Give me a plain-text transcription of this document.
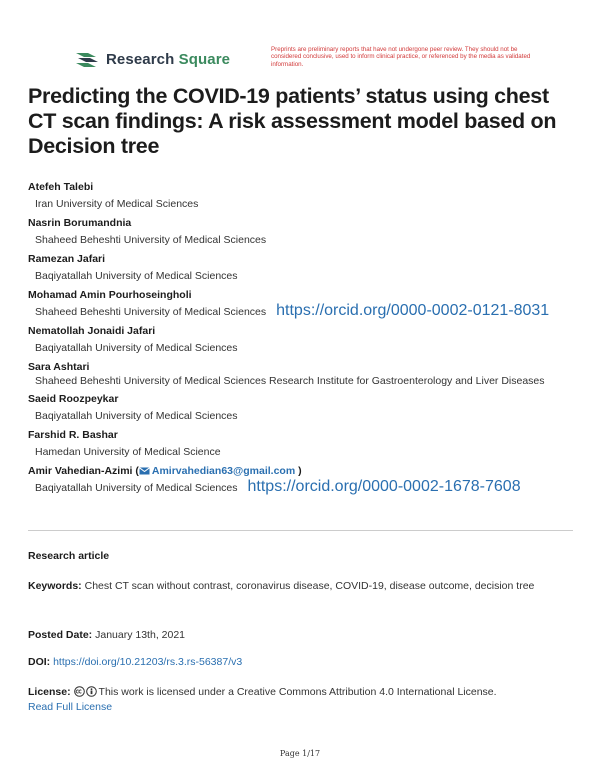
Research Square
Preprints are preliminary reports that have not undergone peer review. They should not be considered conclusive, used to inform clinical practice, or referenced by the media as validated information.
Predicting the COVID-19 patients’ status using chest CT scan findings: A risk assessment model based on Decision tree
Atefeh Talebi
Iran University of Medical Sciences
Nasrin Borumandnia
Shaheed Beheshti University of Medical Sciences
Ramezan Jafari
Baqiyatallah University of Medical Sciences
Mohamad Amin Pourhoseingholi
Shaheed Beheshti University of Medical Sciences https://orcid.org/0000-0002-0121-8031
Nematollah Jonaidi Jafari
Baqiyatallah University of Medical Sciences
Sara Ashtari
Shaheed Beheshti University of Medical Sciences Research Institute for Gastroenterology and Liver Diseases
Saeid Roozpeykar
Baqiyatallah University of Medical Sciences
Farshid R. Bashar
Hamedan University of Medical Science
Amir Vahedian-Azimi ( Amirvahedian63@gmail.com )
Baqiyatallah University of Medical Sciences https://orcid.org/0000-0002-1678-7608
Research article
Keywords: Chest CT scan without contrast, coronavirus disease, COVID-19, disease outcome, decision tree
Posted Date: January 13th, 2021
DOI: https://doi.org/10.21203/rs.3.rs-56387/v3
License:	This work is licensed under a Creative Commons Attribution 4.0 International License.
Read Full License
Page 1/17
